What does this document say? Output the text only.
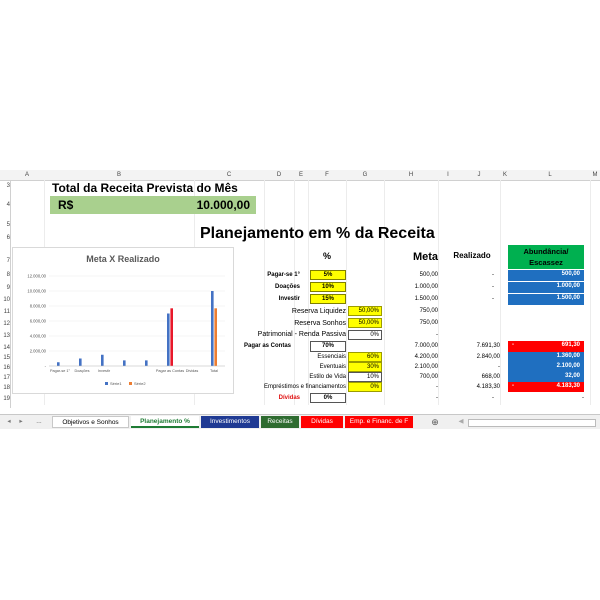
A	B	C	D	E	F	G	H	I	J	K	L	M
3
4
5
6
7
8
9
10
11
12
13
14
15
16
17
18
19
Total da Receita Prevista do Mês
R$	10.000,00
Planejamento em % da Receita
%	Meta	Realizado	Abundância/ Escassez
Pagar-se 1°	5%	500,00	-	500,00
Doações	10%	1.000,00	-	1.000,00
Investir	15%	1.500,00	-	1.500,00
Reserva Liquidez	50,00%	750,00
Reserva Sonhos	50,00%	750,00
Patrimonial - Renda Passiva	0%	-
Pagar as Contas	70%	7.000,00	7.691,30	-	691,30
Essenciais	60%	4.200,00	2.840,00	1.360,00
Eventuais	30%	2.100,00	-	2.100,00
Estilo de Vida	10%	700,00	668,00	32,00
Empréstimos e financiamentos	0%	-	4.183,30	-	4.183,30
Dívidas	0%	-	-	-
Meta X Realizado
12.000,00
10.000,00
8.000,00
6.000,00
4.000,00
2.000,00
-
Pagar-se 1° Doações Investir	Pagar as Contas Dividas	Total
Série1	Série2
◂	▸	...	Objetivos e Sonhos	Planejamento %	Investimentos	Receitas	Dívidas	Emp. e Financ. de F	⊕	◀
